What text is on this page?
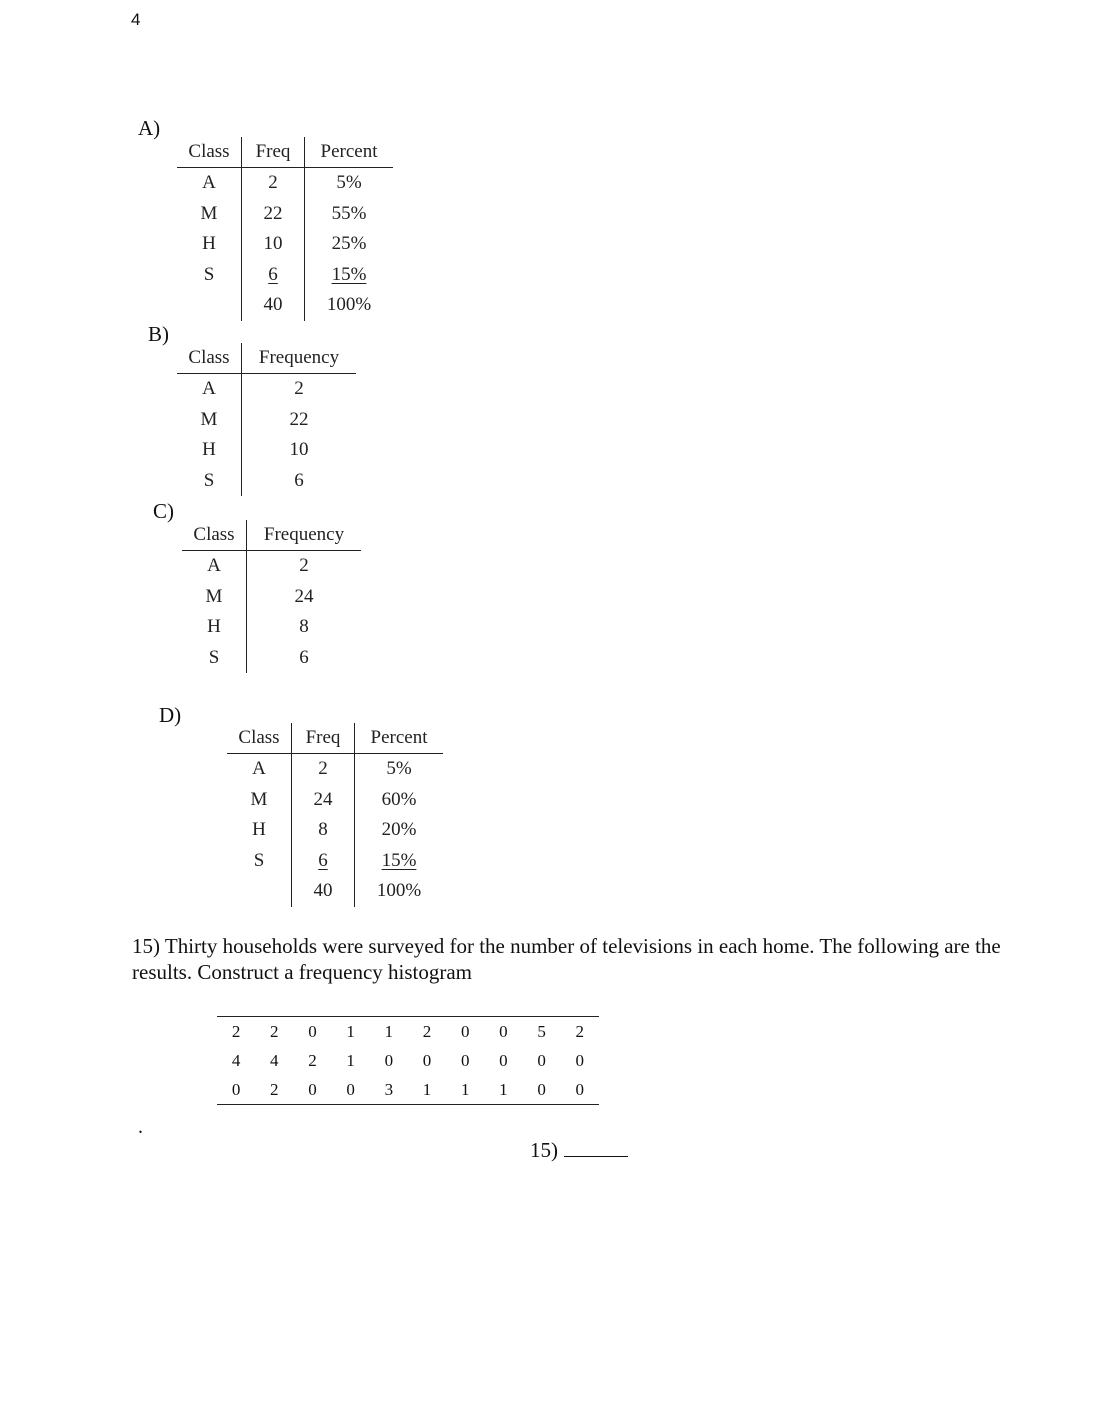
4
A)
Class	Freq	Percent
A	2	5%
M	22	55%
H	10	25%
S	6	15%
	40	100%
B)
Class	Frequency
A	2
M	22
H	10
S	6
C)
Class	Frequency
A	2
M	24
H	8
S	6
D)
Class	Freq	Percent
A	2	5%
M	24	60%
H	8	20%
S	6	15%
	40	100%
15) Thirty households were surveyed for the number of televisions in each home. The following are the results. Construct a frequency histogram
2	2	0	1	1	2	0	0	5	2
4	4	2	1	0	0	0	0	0	0
0	2	0	0	3	1	1	1	0	0
.
15)
